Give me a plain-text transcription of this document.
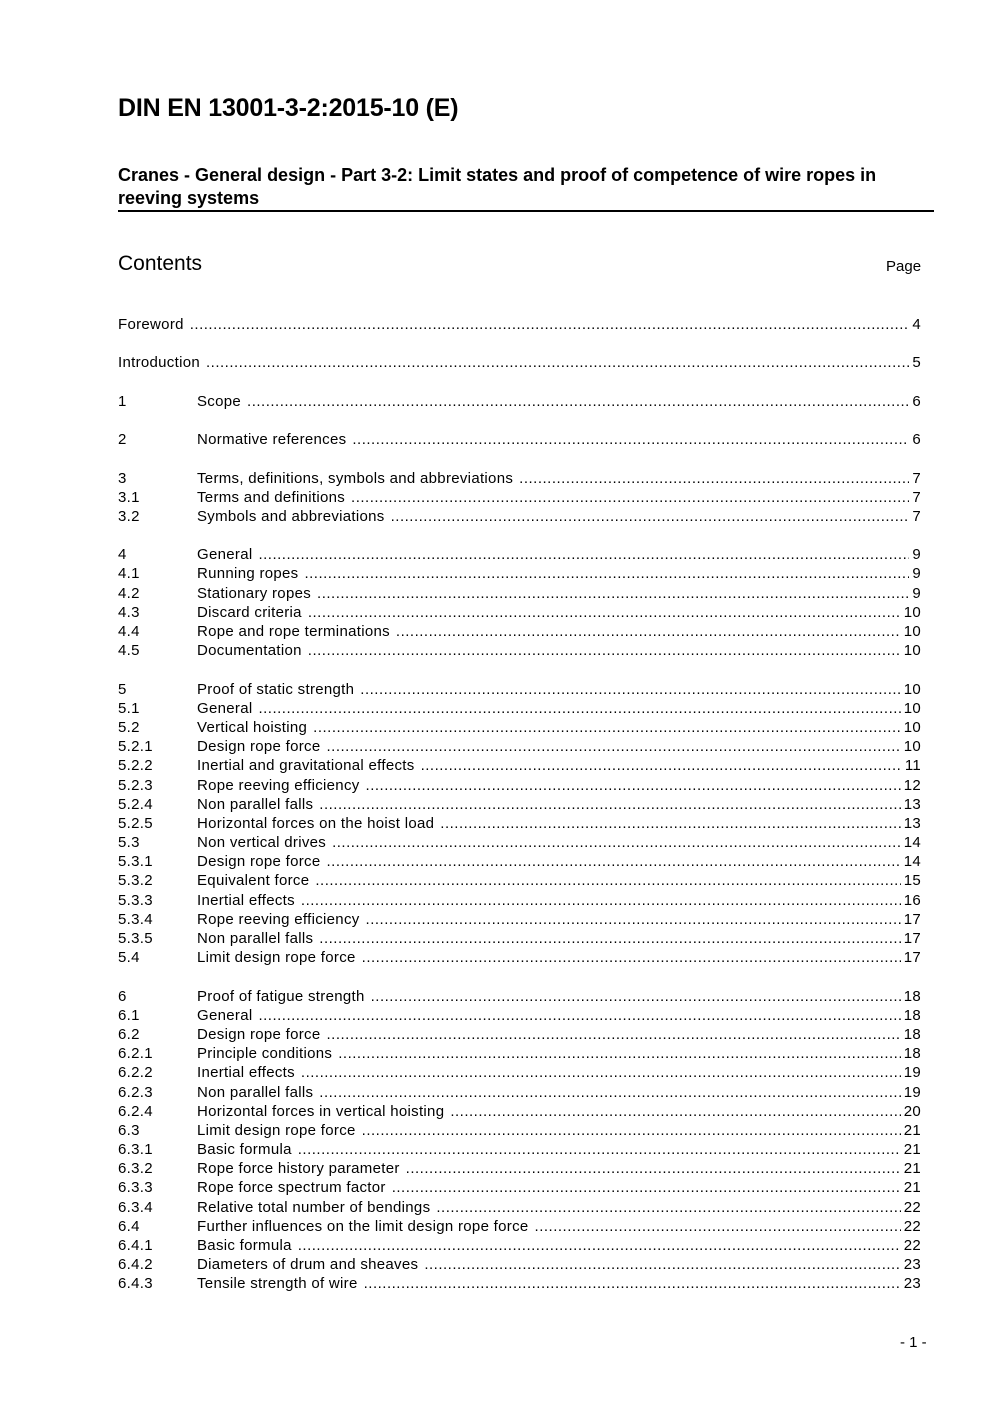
DIN EN 13001-3-2:2015-10 (E)
Cranes - General design - Part 3-2: Limit states and proof of competence of wire ropes in reeving systems
Contents	Page
Foreword .....	4
Introduction .....	5
1	Scope .....	6
2	Normative references .....	6
3	Terms, definitions, symbols and abbreviations .....	7
3.1	Terms and definitions .....	7
3.2	Symbols and abbreviations .....	7
4	General .....	9
4.1	Running ropes .....	9
4.2	Stationary ropes .....	9
4.3	Discard criteria .....	10
4.4	Rope and rope terminations .....	10
4.5	Documentation .....	10
5	Proof of static strength .....	10
5.1	General .....	10
5.2	Vertical hoisting .....	10
5.2.1	Design rope force .....	10
5.2.2	Inertial and gravitational effects .....	11
5.2.3	Rope reeving efficiency .....	12
5.2.4	Non parallel falls .....	13
5.2.5	Horizontal forces on the hoist load .....	13
5.3	Non vertical drives .....	14
5.3.1	Design rope force .....	14
5.3.2	Equivalent force .....	15
5.3.3	Inertial effects .....	16
5.3.4	Rope reeving efficiency .....	17
5.3.5	Non parallel falls .....	17
5.4	Limit design rope force .....	17
6	Proof of fatigue strength .....	18
6.1	General .....	18
6.2	Design rope force .....	18
6.2.1	Principle conditions .....	18
6.2.2	Inertial effects .....	19
6.2.3	Non parallel falls .....	19
6.2.4	Horizontal forces in vertical hoisting .....	20
6.3	Limit design rope force .....	21
6.3.1	Basic formula .....	21
6.3.2	Rope force history parameter .....	21
6.3.3	Rope force spectrum factor .....	21
6.3.4	Relative total number of bendings .....	22
6.4	Further influences on the limit design rope force .....	22
6.4.1	Basic formula .....	22
6.4.2	Diameters of drum and sheaves .....	23
6.4.3	Tensile strength of wire .....	23
- 1 -
